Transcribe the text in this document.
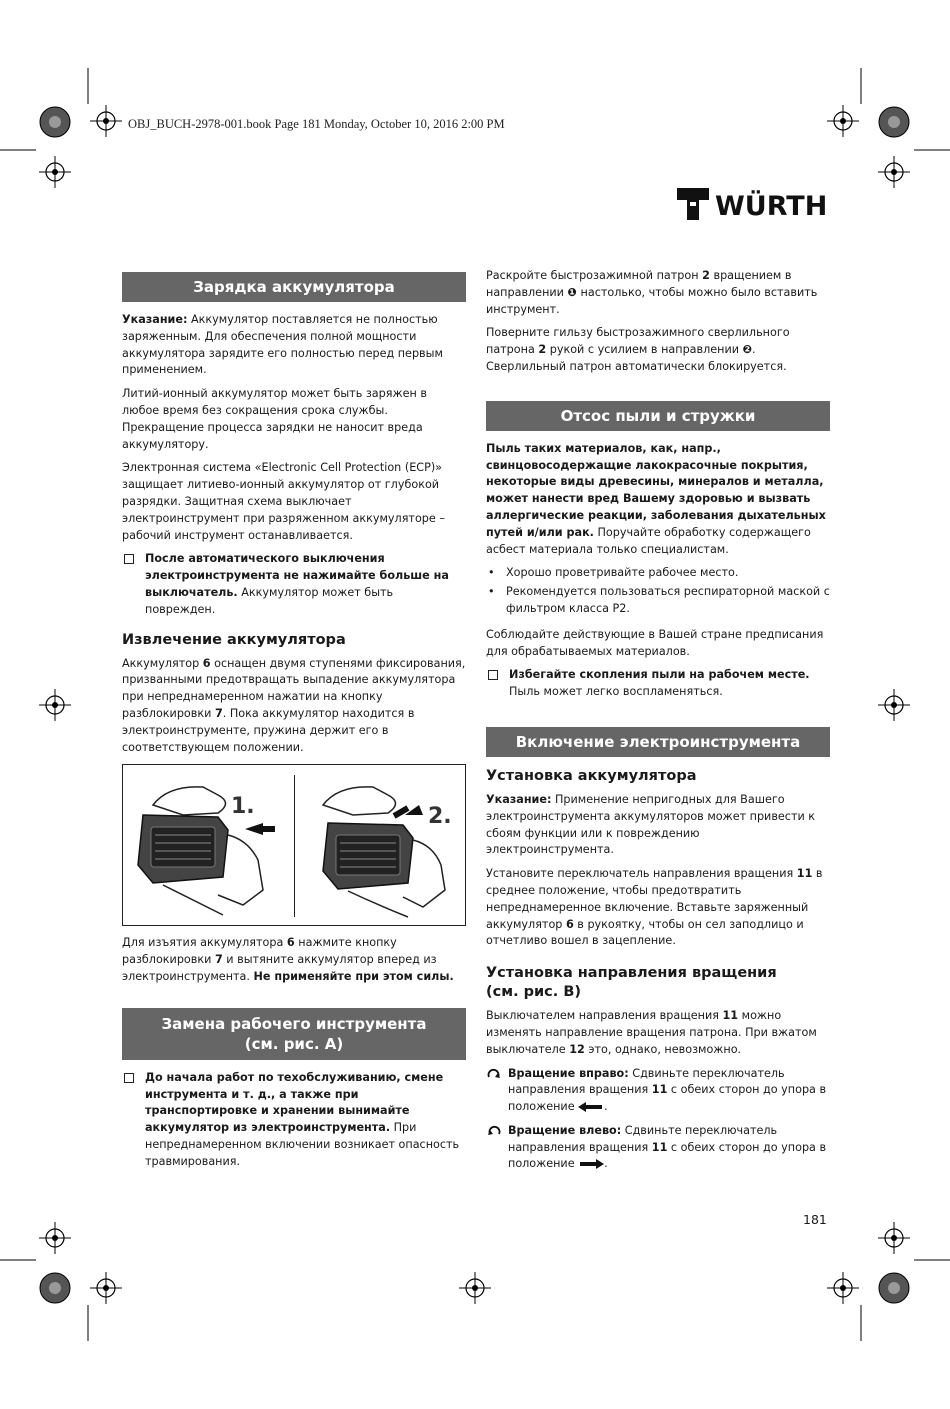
OBJ_BUCH-2978-001.book Page 181 Monday, October 10, 2016 2:00 PM
WÜRTH
Зарядка аккумулятора

Указание: Аккумулятор поставляется не полностью заряженным. Для обеспечения полной мощности аккумулятора зарядите его полностью перед первым применением.

Литий-ионный аккумулятор может быть заряжен в любое время без сокращения срока службы. Прекращение процесса зарядки не наносит вреда аккумулятору.

Электронная система «Electronic Cell Protection (ECP)» защищает литиево-ионный аккумулятор от глубокой разрядки. Защитная схема выключает электроинструмент при разряженном аккумуляторе – рабочий инструмент останавливается.

После автоматического выключения электроинструмента не нажимайте больше на выключатель. Аккумулятор может быть поврежден.
Извлечение аккумулятора

Аккумулятор 6 оснащен двумя ступенями фиксирования, призванными предотвращать выпадение аккумулятора при непреднамеренном нажатии на кнопку разблокировки 7. Пока аккумулятор находится в электроинструменте, пружина держит его в соответствующем положении.

1.	2.

Для изъятия аккумулятора 6 нажмите кнопку разблокировки 7 и вытяните аккумулятор вперед из электроинструмента. Не применяйте при этом силы.

Замена рабочего инструмента
(см. рис. A)
До начала работ по техобслуживанию, смене инструмента и т. д., а также при транспортировке и хранении вынимайте аккумулятор из электроинструмента. При непреднамеренном включении возникает опасность травмирования.

Раскройте быстрозажимной патрон 2 вращением в направлении ❶ настолько, чтобы можно было вставить инструмент.

Поверните гильзу быстрозажимного сверлильного патрона 2 рукой с усилием в направлении ❷. Сверлильный патрон автоматически блокируется.

Отсос пыли и стружки

Пыль таких материалов, как, напр., свинцовосодержащие лакокрасочные покрытия, некоторые виды древесины, минералов и металла, может нанести вред Вашему здоровью и вызвать аллергические реакции, заболевания дыхательных путей и/или рак. Поручайте обработку содержащего асбест материала только специалистам.

•	Хорошо проветривайте рабочее место.
•	Рекомендуется пользоваться респираторной маской с фильтром класса P2.

Соблюдайте действующие в Вашей стране предписания для обрабатываемых материалов.

Избегайте скопления пыли на рабочем месте. Пыль может легко воспламеняться.
Включение электроинструмента
Установка аккумулятора

Указание: Применение непригодных для Вашего электроинструмента аккумуляторов может привести к сбоям функции или к повреждению электроинструмента.

Установите переключатель направления вращения 11 в среднее положение, чтобы предотвратить непреднамеренное включение. Вставьте заряженный аккумулятор 6 в рукоятку, чтобы он сел заподлицо и отчетливо вошел в зацепление.

Установка направления вращения
(см. рис. B)

Выключателем направления вращения 11 можно изменять направление вращения патрона. При вжатом выключателе 12 это, однако, невозможно.

Вращение вправо: Сдвиньте переключатель направления вращения 11 с обеих сторон до упора в положение	.
Вращение влево: Сдвиньте переключатель направления вращения 11 с обеих сторон до упора в положение	.
181
